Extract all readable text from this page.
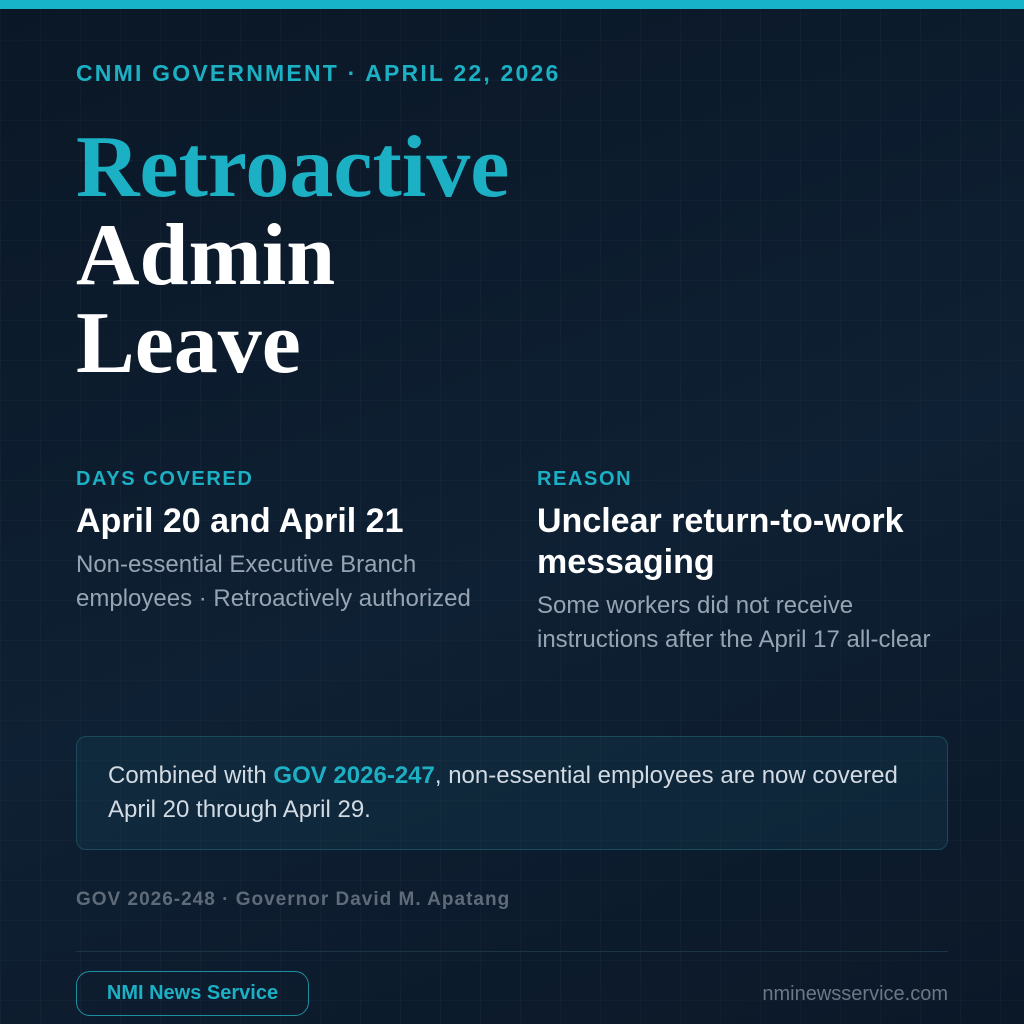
CNMI GOVERNMENT · APRIL 22, 2026
Retroactive
Admin
Leave
DAYS COVERED
April 20 and April 21
Non-essential Executive Branch employees · Retroactively authorized
REASON
Unclear return-to-work messaging
Some workers did not receive instructions after the April 17 all-clear
Combined with GOV 2026-247, non-essential employees are now covered April 20 through April 29.
GOV 2026-248 · Governor David M. Apatang
NMI News Service	nminewsservice.com
